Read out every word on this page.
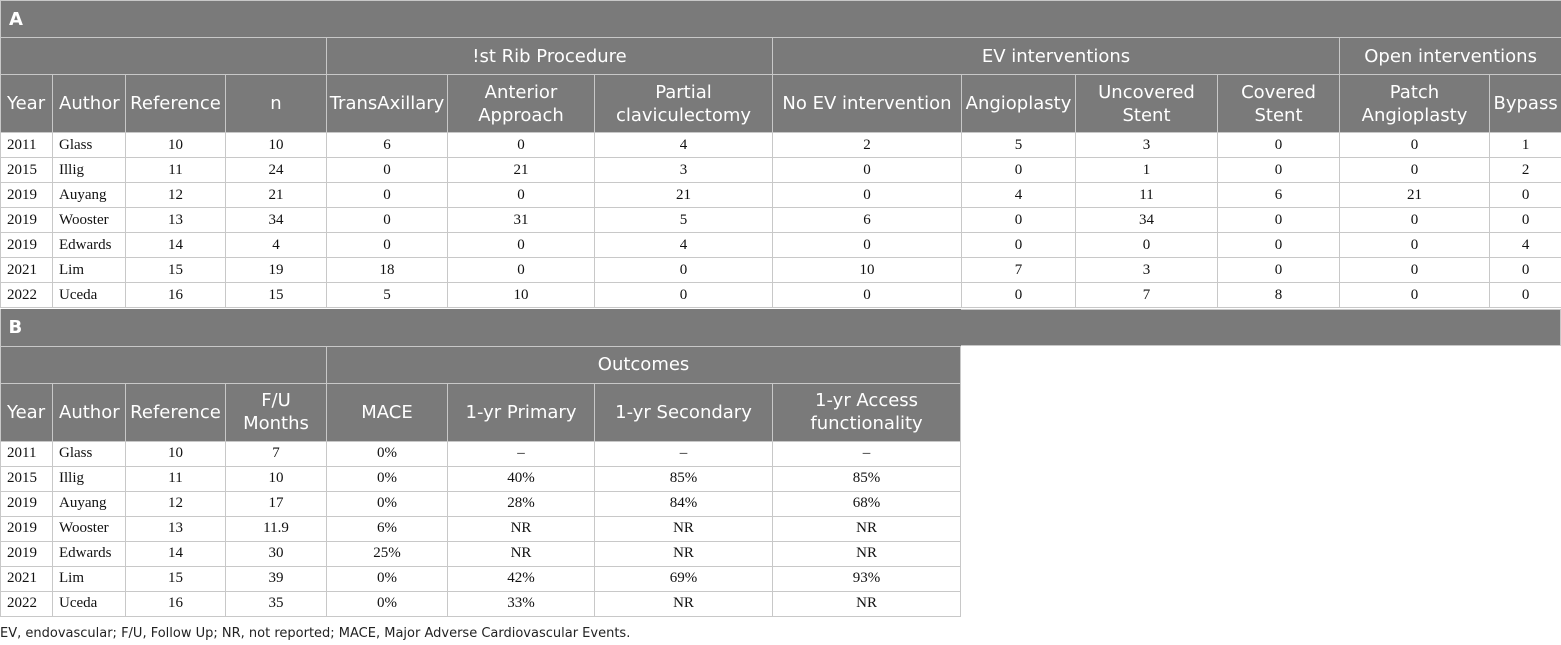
A												
				!st Rib Procedure			EV interventions				Open interventions	
Year	Author	Reference	n	TransAxillary	Anterior Approach	Partial claviculectomy	No EV intervention	Angioplasty	Uncovered Stent	Covered Stent	Patch Angioplasty	Bypass
2011	Glass	10	10	6	0	4	2	5	3	0	0	1
2015	Illig	11	24	0	21	3	0	0	1	0	0	2
2019	Auyang	12	21	0	0	21	0	4	11	6	21	0
2019	Wooster	13	34	0	31	5	6	0	34	0	0	0
2019	Edwards	14	4	0	0	4	0	0	0	0	0	4
2021	Lim	15	19	18	0	0	10	7	3	0	0	0
2022	Uceda	16	15	5	10	0	0	0	7	8	0	0
B							
				Outcomes			
Year	Author	Reference	F/U Months	MACE	1-yr Primary	1-yr Secondary	1-yr Access functionality
2011	Glass	10	7	0%	–	–	–
2015	Illig	11	10	0%	40%	85%	85%
2019	Auyang	12	17	0%	28%	84%	68%
2019	Wooster	13	11.9	6%	NR	NR	NR
2019	Edwards	14	30	25%	NR	NR	NR
2021	Lim	15	39	0%	42%	69%	93%
2022	Uceda	16	35	0%	33%	NR	NR
EV, endovascular; F/U, Follow Up; NR, not reported; MACE, Major Adverse Cardiovascular Events.
